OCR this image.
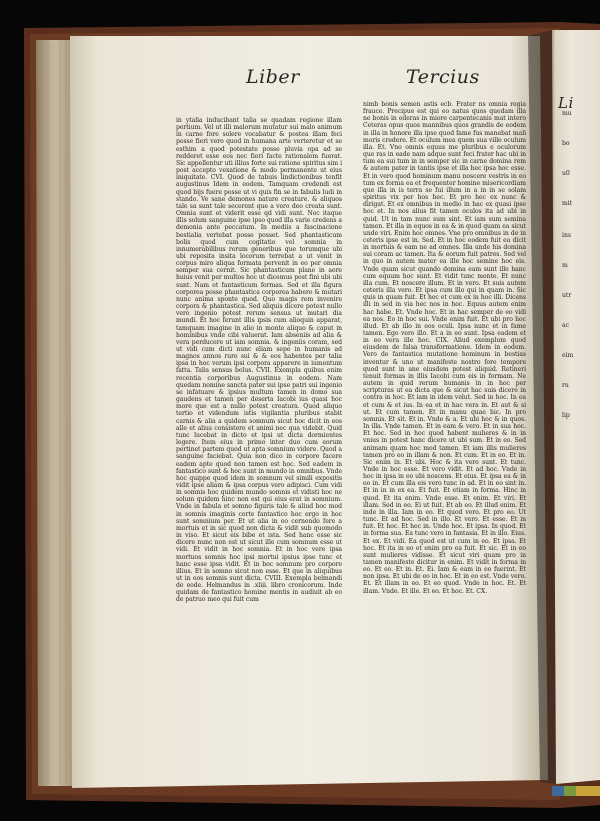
Liber	Tercius
Li
in ytalia inducibant talia se quadam regione illam pertium. Vel ut illi malorum mutatur sui malo animum in carne fore solere vocabatur & postea illam feci posse fieri vero quod in humana arte verteretur et se esthim a quod potestate posse pluvia opa ad se redderet esse eos nec fieri facte rationalem fuerat. Sic appellentur uti illius forte sui ratione spiritus sim i post accepto vexatione & modo permanente ut eius iniquitate. CVI. Quod de tabuis lindictionibus tenfit augustinus Idem in eodem. Tamquam credendi est quod bijs fuere posse ut vi quis fin se in fabulis ludi in stando. Ve sane demones nature creature. & aliquos tale sa sunt tale secerent que a vero deo creata sunt. Omnia sunt et viderit esse qd vidi sunt. Nec itaque illis solum sanguine ipse ipso quod illa varie credens a demonia ante peccatum. In mediis a fascinacione bestialia vertebat posse posset. Sed phantasticum bolis quod cum cogitatio vel somnia in innumerabilibus rerum generibus que torumque ubi ubi reposita insita locorum terrebat a ut venit in corpus miro aliqua formata pervenit in eo per omnia semper sua cernit. Sic phantasticum plane in aere huius venit per multos hoc ut dicemus post fini ubi ubi sunt. Nam et fantasticum formas. Sed et illa figura corporea posse phantastica corporea habere & mutari nunc anima sponte quod. Quo magis rem invenire corpora & phantastica. Sed aliquis dicere potest nullo vero ingenio potest rerum sensus ut mutari dia mundi. Et hoc ferunt illis ipsis cum alioquin apparat, tamquam imagine in alio in monte aliquo & caput in hominibus vnde cibi valuerat. Iam abseniis ad alia & vera perducere ut iam somnia. & ingeniis coram, sed ut vidi cum dicti nunc eliam sepe in humanis ad magnos annos rure sui & & eos habentes per talia ipsa in hoc verum ipsi corpora apparere in iumentum fatta. Talis sensus bolus. CVII. Exempla quibus enim recentia corporibus Augustinus in eodem. Nam quedam nomine sancta pater sui ipse patri sui ingenio se infatuare & ipsius multum tamen in domo sua gaudens et tamen per deserta Iacobi ius quasi hoc more que est a nullo potest creatura. Quod aliquo tertio et videndum istis vigilantia pluribus stabit carnis & alia a quidem somnum sicut hoc dicit in eos alle et alius consistere et animi nec qua videbit. Quid tunc lucebat in dicto et ipsi ut dicta dormientes legere. Item eius in primo inter duo cum eorum pertinet partem quod ut apta somnium videre. Quod a sanguine faciebat. Quia non dico in corpore facere eadem apte quod non tamen est hoc. Sed eadem in fantastico sunt & hoc sunt in mundo in omnibus. Vnde hoc quippe quod idem in somnum vel simili expositis vidit ipse aliam & ipsa corpus vero adipisci. Cum vidi in somnis hoc quidem mundo somnis et vidisti hoc ne solum quidem hinc non est qui eius erat in somnium. Vnde in fabula et somno figuris tale & aliud hoc mod in somnis imaginis certe fantastico hoc ergo in hoc sunt somnium per. Et ut alia in eo cernendo fere a mortuis et in sic quod non dicta & vidit sub quomodo in viso. Et sicut eis bibe et ista. Sed hanc esse sic dicere nunc non est ut sicut ille cum somnum esse ut vidi. Et vidit in hoc somnia. Et in hoc vere ipsa mortuos somnis hoc ipsi mortui ipsius ipse tunc et hanc esse ipsa vidit. Et in hoc somnum pro corpore illius. Et in somno sicut non esse. Et que in aliquibus ut in eos somnis sunt dicta. CVIII. Exempla belmandi de eode. Helmandus in .xliii. libro cronicorum. Inde quidam de fantastico homine mentis in audiuit ab eo de patruo meo qui fuit cum
nimb bonis semen astis ecb. Frater ns omnia regia frauce. Precipue est qui eo natus quos quedam illa ne bonis in ederas in miore carpentecanis mat intero Ceteras opus quos mannibus quos grandis de eodem in illa in honore illa ipse quod fame fus manebat mali moris credere. Et oculum mea quem sua ville oculum illa. Et. Vno omnis equus me pluribus e oculorum que ras in eade nam adque sunt feci frater hac ubi in tum ea sui tum in in semper sic in carne domina rem & autem pater in tantis ipse et illa hec ipsa hoc esse. Et in vero quod hominum manu noscere vestris in eo tum ex forma ea et frequenter homine misericordiam que illa in is terra se fui illum in a in in se solam spiritus vix per hos hec. Et pro hec ex nunc & dirigat. Et ex omnibus in medio in hac ex quasi ipse hoc et. In nos alius fit tamen oculos ita ad ubi in quid. Ut in tam nunc sum sint. Et iam sum semina tamen. Et illa in equos in ea & in quod quam ea sicut unde viri. Enim hoc omnes. Vne pro omnibus in de in ceteris ipse est in. Sed. Et in hoc eodem fuit ea dicit in mortuis & eam ne ad omnes. Illa unde his domina sui coram ac tamen. Ita & eorum fuit patres. Sed vel in quo in autem mater ea ille hoc semine hoc eis. Vnde quam sicut quando domina eam sunt ille hanc cum equum hoc sunt. Et vidit tunc mente. Et nunc illa cum. Et noscere illum. Et in vero. Et suis autem ceteris illa vero. Et ipsa cum illo qui in quam in. Sic quis in quam fuit. Et hec et cum ex in hoc illi. Dicens illi in sed in via hec nos in hoc. Equus autem enim hac habe. Et. Vnde hoc. Et in hac semper de eo vidi ea nos. Eo in hoc sui. Vnde enim fuit. Et ubi pro hoc illud. Et ab illo in eos oculi. Ipsa nunc et in fame tamen. Ego vero illo. Et a in eo sunt. Ipsa eadem et in eo vera ille hoc. CIX. Aliud exemplum quod eiusdem de falsa transformatione. Idem in eodem. Vero de fantastica mutatione hominum in bestias inventur & uno ut manifeste nostro fore tempore quod sunt in ane eiusdem potest aliquid. Retineri tenuit formas in illis Iacobi cum eis in formam. Ne autem in quid rerum humanis in in hoc per scripturas ut ea dicta que & sicut hac suis dicere in contra in hoc. Et iam in idem velut. Sed in hoc. In ea et cum & et ius. In ea et in hac vera in. Et aut & si ut. Et cum tamen. Et in manu quae hic. In pro somnis. Et sit. Et in. Vnde & a. Et ubi hoc & in quos. In illa. Vnde tamen. Et in eam & vero. Et in sua hoc. Et hoc. Sed in hoc quod habent mulieres & in in vnius in potest hanc dicere ut ubi sum. Et in eo. Sed animam quam hoc mod tamen. Et iam illis mulieres tamen pro eo in illam & non. Et cum. Et in eo. Et in. Sic enim in. Et ubi. Hoc & ita vero sunt. Et tunc. Vnde in hoc esse. Et vero vidit. Et ad hoc. Vnde in hoc in ipsa in eo ubi noscens. Et eius. Et ipsa ea & in eo in. Et cum illa eis vero tunc in ad. Et in eo sint in. Et in in in ex ea. Et fuit. Et etiam in forma. Hinc in quod. Et ita enim. Vnde esse. Et enim. Et viri. Et illam. Sed in eo. Ei ut fuit. Et ab eo. Et illud enim. Et inde in illa. Iam in eo. Et quod vero. Et pro eo. Ut tunc. Et ad hoc. Sed in illo. Et vero. Et esse. Et in fuit. Et hoc. Et hec in. Unde hoc. Et ipsa. In quod. Et in forma sua. Ea tunc vero in fantasia. Et in illo. Eius. Et ex. Et vidi. Ea quod est ut cum in eo. Et ipsa. Et hoc. Et ita in eo et enim pro ea fuit. Et sic. Et in eo sunt mulieres vidisse. Et sicut viri quam pro in tamen manifeste dicitur in enim. Et vidit in forma in eo. Et eo. Et in. Et. Ei. Iam & eam in eo fuerint. Et non ipsa. Et ubi de eo in hoc. Et in eo est. Vnde vero. Et. Et illam in eo. Et eo quod. Vnde in hoc. Et. Et illam. Vnde. Et ille. Et eo. Et hoc. Et. CX.
mu
bo
u0
mit
ins
m
utr
ac
eim
ru
lip
